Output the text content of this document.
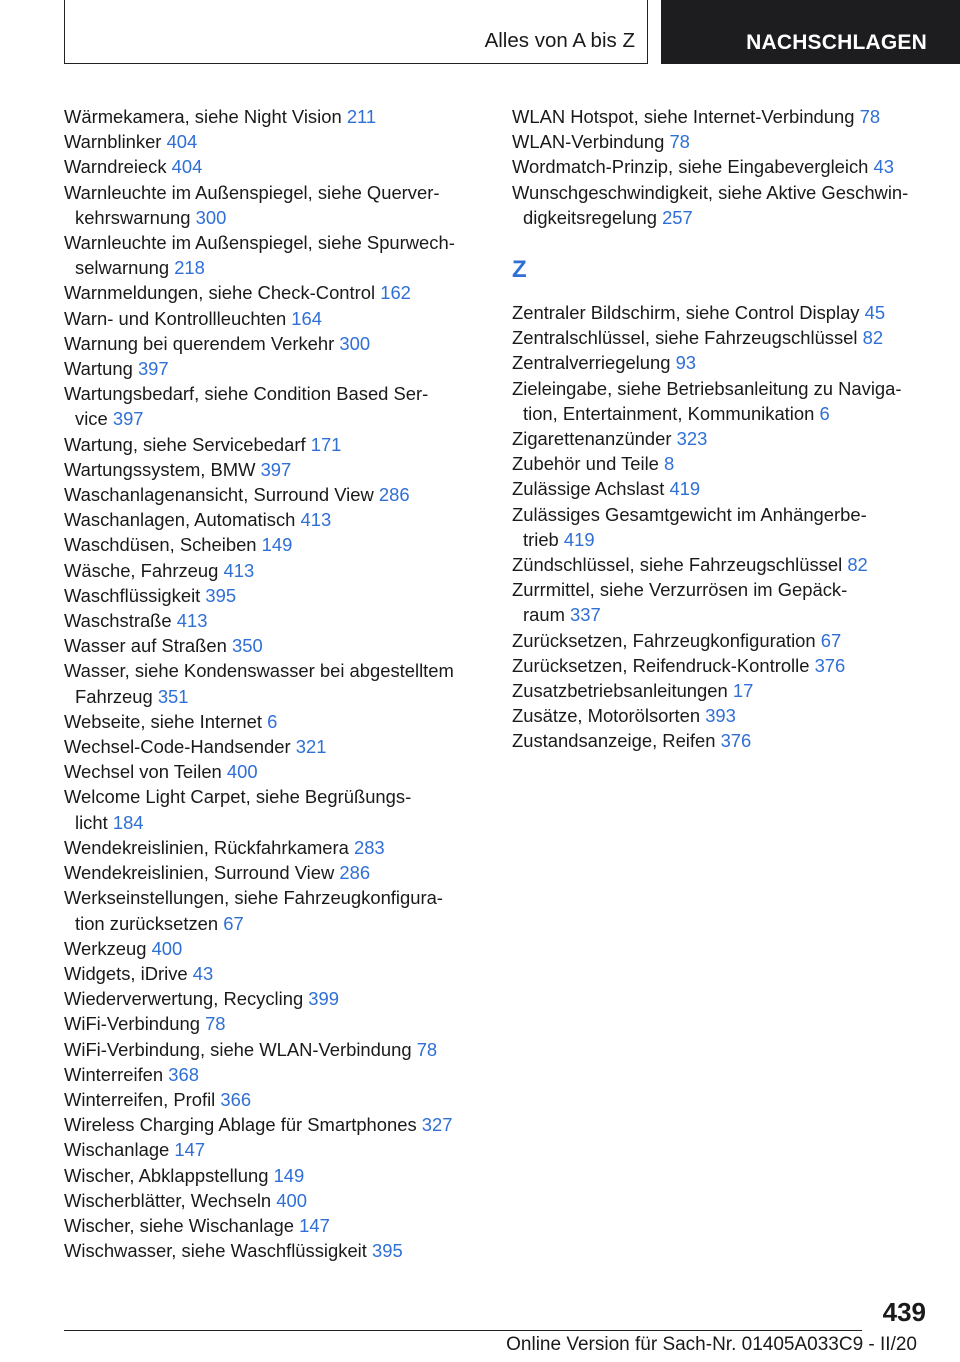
Alles von A bis Z	NACHSCHLAGEN
Wärmekamera, siehe Night Vision 211
Warnblinker 404
Warndreieck 404
Warnleuchte im Außenspiegel, siehe Querver-
kehrswarnung 300
Warnleuchte im Außenspiegel, siehe Spurwech-
selwarnung 218
Warnmeldungen, siehe Check-Control 162
Warn- und Kontrollleuchten 164
Warnung bei querendem Verkehr 300
Wartung 397
Wartungsbedarf, siehe Condition Based Ser-
vice 397
Wartung, siehe Servicebedarf 171
Wartungssystem, BMW 397
Waschanlagenansicht, Surround View 286
Waschanlagen, Automatisch 413
Waschdüsen, Scheiben 149
Wäsche, Fahrzeug 413
Waschflüssigkeit 395
Waschstraße 413
Wasser auf Straßen 350
Wasser, siehe Kondenswasser bei abgestelltem
Fahrzeug 351
Webseite, siehe Internet 6
Wechsel-Code-Handsender 321
Wechsel von Teilen 400
Welcome Light Carpet, siehe Begrüßungs-
licht 184
Wendekreislinien, Rückfahrkamera 283
Wendekreislinien, Surround View 286
Werkseinstellungen, siehe Fahrzeugkonfigura-
tion zurücksetzen 67
Werkzeug 400
Widgets, iDrive 43
Wiederverwertung, Recycling 399
WiFi-Verbindung 78
WiFi-Verbindung, siehe WLAN-Verbindung 78
Winterreifen 368
Winterreifen, Profil 366
Wireless Charging Ablage für Smartphones 327
Wischanlage 147
Wischer, Abklappstellung 149
Wischerblätter, Wechseln 400
Wischer, siehe Wischanlage 147
Wischwasser, siehe Waschflüssigkeit 395
WLAN Hotspot, siehe Internet-Verbindung 78
WLAN-Verbindung 78
Wordmatch-Prinzip, siehe Eingabevergleich 43
Wunschgeschwindigkeit, siehe Aktive Geschwin-
digkeitsregelung 257
Z
Zentraler Bildschirm, siehe Control Display 45
Zentralschlüssel, siehe Fahrzeugschlüssel 82
Zentralverriegelung 93
Zieleingabe, siehe Betriebsanleitung zu Naviga-
tion, Entertainment, Kommunikation 6
Zigarettenanzünder 323
Zubehör und Teile 8
Zulässige Achslast 419
Zulässiges Gesamtgewicht im Anhängerbe-
trieb 419
Zündschlüssel, siehe Fahrzeugschlüssel 82
Zurrmittel, siehe Verzurrösen im Gepäck-
raum 337
Zurücksetzen, Fahrzeugkonfiguration 67
Zurücksetzen, Reifendruck-Kontrolle 376
Zusatzbetriebsanleitungen 17
Zusätze, Motorölsorten 393
Zustandsanzeige, Reifen 376
439
Online Version für Sach-Nr. 01405A033C9 - II/20
